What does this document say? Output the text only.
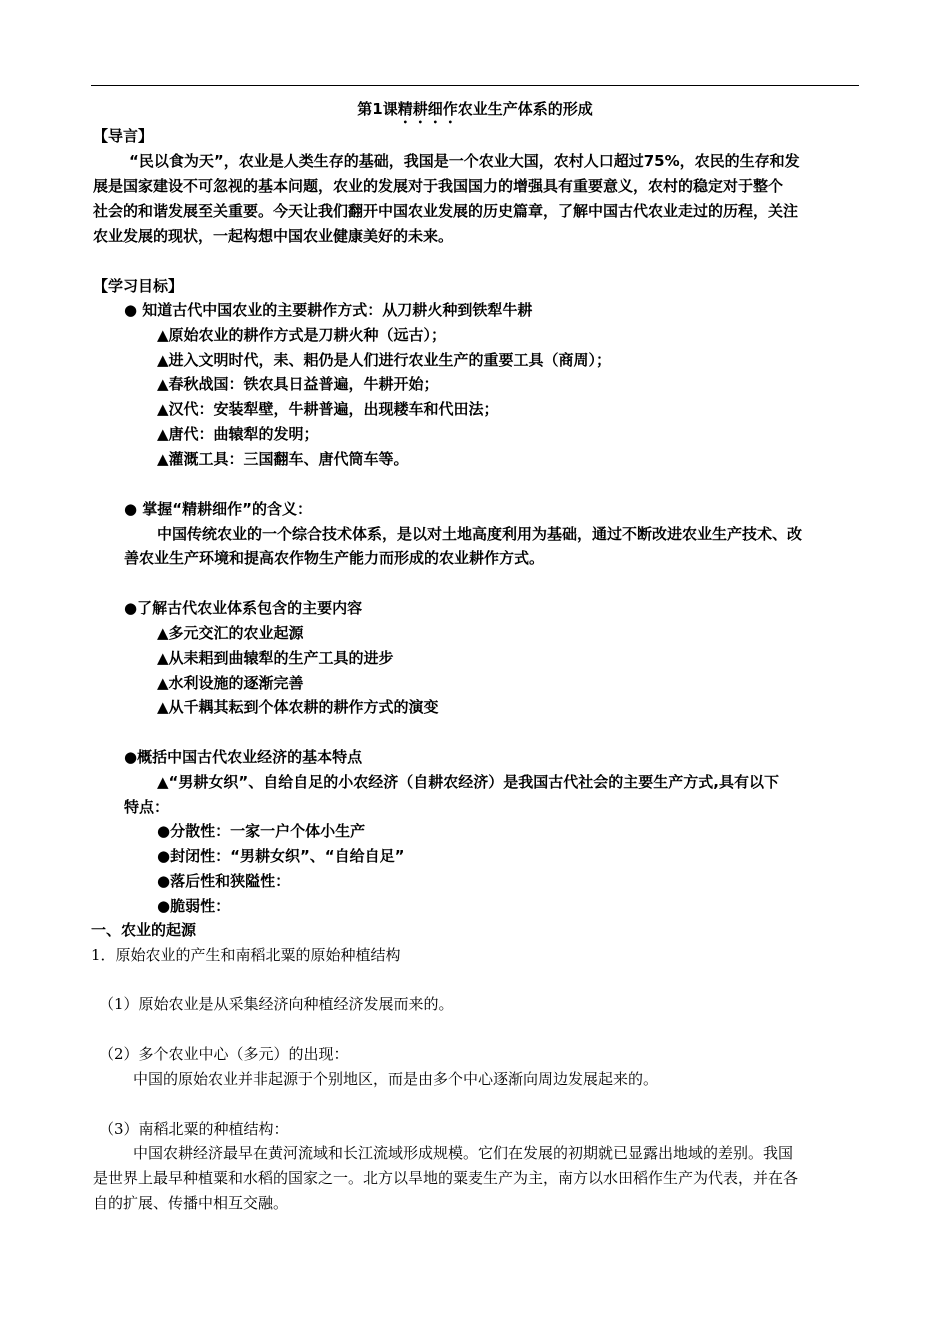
第1课精耕细作农业生产体系的形成
【导言】
“民以食为天”，农业是人类生存的基础，我国是一个农业大国，农村人口超过75%，农民的生存和发
展是国家建设不可忽视的基本问题，农业的发展对于我国国力的增强具有重要意义，农村的稳定对于整个
社会的和谐发展至关重要。今天让我们翻开中国农业发展的历史篇章，了解中国古代农业走过的历程，关注
农业发展的现状，一起构想中国农业健康美好的未来。
【学习目标】
● 知道古代中国农业的主要耕作方式：从刀耕火种到铁犁牛耕
▲原始农业的耕作方式是刀耕火种（远古）；
▲进入文明时代，耒、耜仍是人们进行农业生产的重要工具（商周）；
▲春秋战国：铁农具日益普遍，牛耕开始；
▲汉代：安装犁壁，牛耕普遍，出现耧车和代田法；
▲唐代：曲辕犁的发明；
▲灌溉工具：三国翻车、唐代筒车等。
● 掌握“精耕细作”的含义：
中国传统农业的一个综合技术体系，是以对土地高度利用为基础，通过不断改进农业生产技术、改
善农业生产环境和提高农作物生产能力而形成的农业耕作方式。
●了解古代农业体系包含的主要内容
▲多元交汇的农业起源
▲从耒耜到曲辕犁的生产工具的进步
▲水利设施的逐渐完善
▲从千耦其耘到个体农耕的耕作方式的演变
●概括中国古代农业经济的基本特点
▲“男耕女织”、自给自足的小农经济（自耕农经济）是我国古代社会的主要生产方式,具有以下
特点：
●分散性：一家一户个体小生产
●封闭性：“男耕女织”、“自给自足”
●落后性和狭隘性：
●脆弱性：
一、农业的起源
1．原始农业的产生和南稻北粟的原始种植结构
（1）原始农业是从采集经济向种植经济发展而来的。
（2）多个农业中心（多元）的出现：
中国的原始农业并非起源于个别地区，而是由多个中心逐渐向周边发展起来的。
（3）南稻北粟的种植结构：
中国农耕经济最早在黄河流域和长江流域形成规模。它们在发展的初期就已显露出地域的差别。我国
是世界上最早种植粟和水稻的国家之一。北方以旱地的粟麦生产为主，南方以水田稻作生产为代表，并在各
自的扩展、传播中相互交融。
